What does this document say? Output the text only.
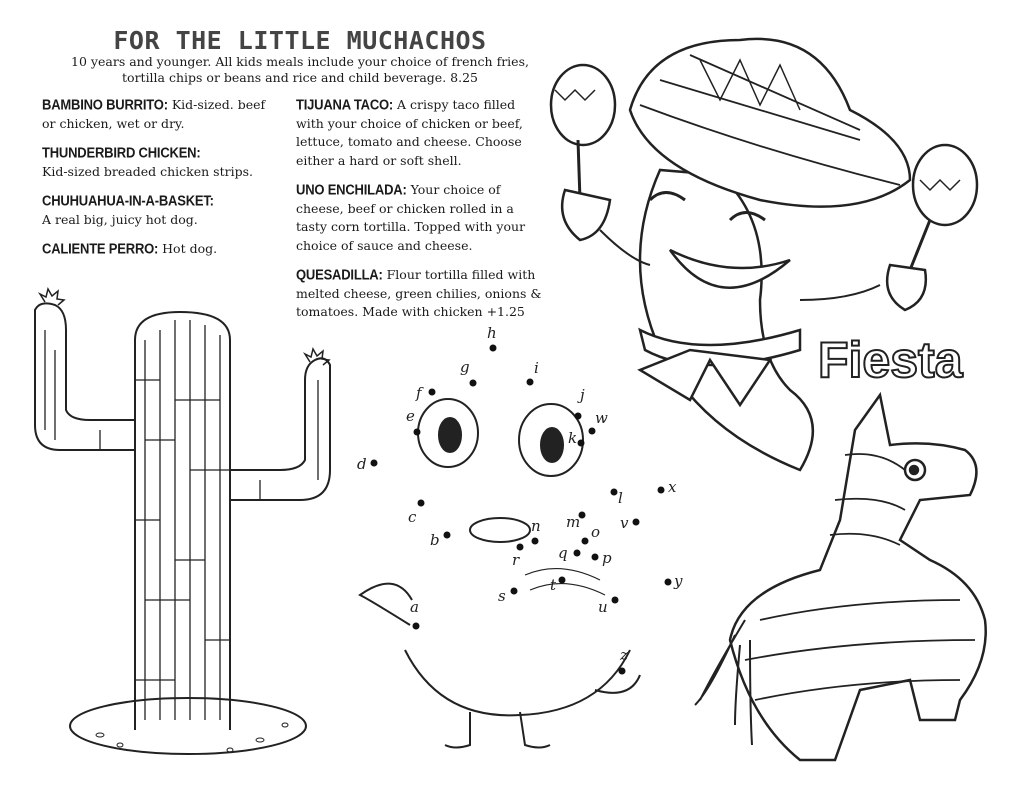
FOR THE LITTLE MUCHACHOS
10 years and younger. All kids meals include your choice of french fries,
tortilla chips or beans and rice and child beverage. 8.25
BAMBINO BURRITO: Kid-sized. beef or chicken, wet or dry.
THUNDERBIRD CHICKEN:
Kid-sized breaded chicken strips.
CHUHUAHUA-IN-A-BASKET:
A real big, juicy hot dog.
CALIENTE PERRO: Hot dog.
TIJUANA TACO: A crispy taco filled with your choice of chicken or beef, lettuce, tomato and cheese. Choose either a hard or soft shell.
UNO ENCHILADA: Your choice of cheese, beef or chicken rolled in a tasty corn tortilla. Topped with your choice of sauce and cheese.
QUESADILLA: Flour tortilla filled with melted cheese, green chilies, onions & tomatoes. Made with chicken +1.25
a
b
c
d
e
f
g
h
i
j
k
l
m
n	o
p
q
r
s
t
u
v
w
x
y
z
Fiesta
